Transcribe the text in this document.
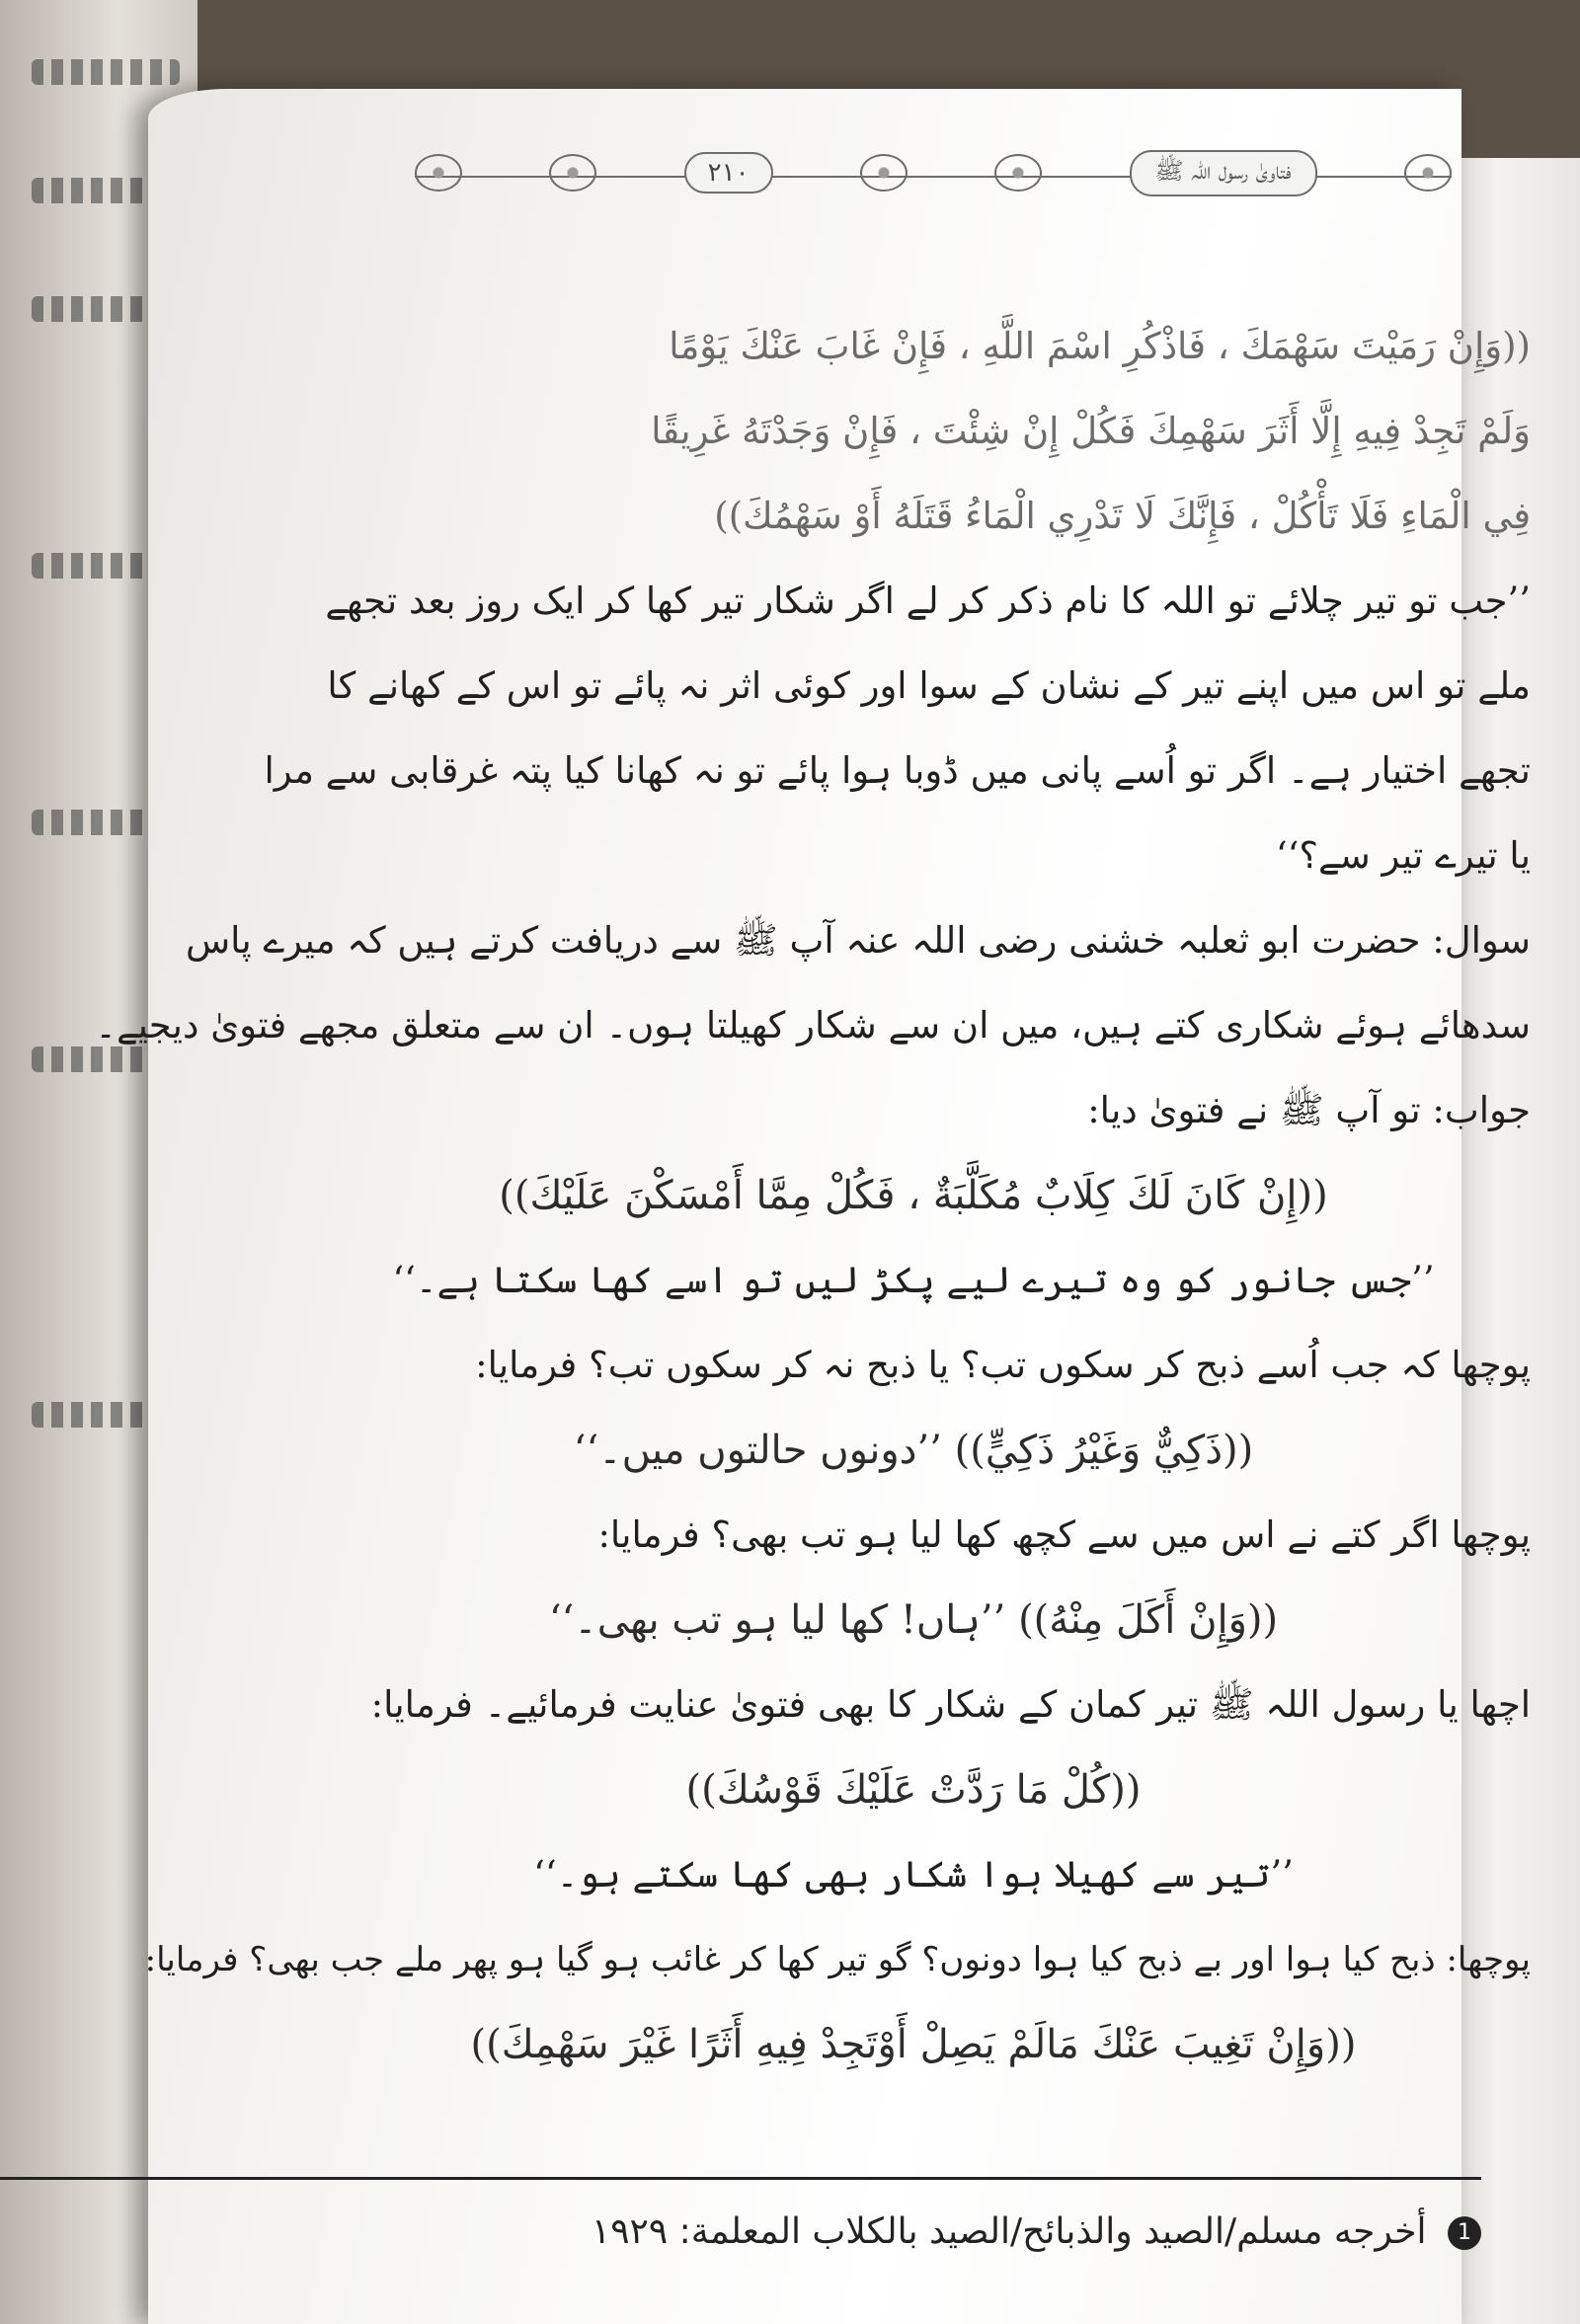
۲۱۰	فتاویٰ رسول اللہ ﷺ
((وَإِنْ رَمَيْتَ سَهْمَكَ ، فَاذْكُرِ اسْمَ اللَّهِ ، فَإِنْ غَابَ عَنْكَ يَوْمًا
وَلَمْ تَجِدْ فِيهِ إِلَّا أَثَرَ سَهْمِكَ فَكُلْ إِنْ شِئْتَ ، فَإِنْ وَجَدْتَهُ غَرِيقًا
فِي الْمَاءِ فَلَا تَأْكُلْ ، فَإِنَّكَ لَا تَدْرِي الْمَاءُ قَتَلَهُ أَوْ سَهْمُكَ))
’’جب تو تیر چلائے تو اللہ کا نام ذکر کر لے اگر شکار تیر کھا کر ایک روز بعد تجھے
ملے تو اس میں اپنے تیر کے نشان کے سوا اور کوئی اثر نہ پائے تو اس کے کھانے کا
تجھے اختیار ہے۔ اگر تو اُسے پانی میں ڈوبا ہوا پائے تو نہ کھانا کیا پتہ غرقابی سے مرا
یا تیرے تیر سے؟‘‘
سوال: حضرت ابو ثعلبہ خشنی رضی اللہ عنہ آپ ﷺ سے دریافت کرتے ہیں کہ میرے پاس
سدھائے ہوئے شکاری کتے ہیں، میں ان سے شکار کھیلتا ہوں۔ ان سے متعلق مجھے فتویٰ دیجیے۔
جواب: تو آپ ﷺ نے فتویٰ دیا:
((إِنْ كَانَ لَكَ كِلَابٌ مُكَلَّبَةٌ ، فَكُلْ مِمَّا أَمْسَكْنَ عَلَيْكَ))
’’جس جانور کو وہ تیرے لیے پکڑ لیں تو اسے کھا سکتا ہے۔‘‘
پوچھا کہ جب اُسے ذبح کر سکوں تب؟ یا ذبح نہ کر سکوں تب؟ فرمایا:
((ذَكِيٌّ وَغَيْرُ ذَكِيٍّ)) ’’دونوں حالتوں میں۔‘‘
پوچھا اگر کتے نے اس میں سے کچھ کھا لیا ہو تب بھی؟ فرمایا:
((وَإِنْ أَكَلَ مِنْهُ)) ’’ہاں! کھا لیا ہو تب بھی۔‘‘
اچھا یا رسول اللہ ﷺ تیر کمان کے شکار کا بھی فتویٰ عنایت فرمائیے۔ فرمایا:
((كُلْ مَا رَدَّتْ عَلَيْكَ قَوْسُكَ))
’’تیر سے کھیلا ہوا شکار بھی کھا سکتے ہو۔‘‘
پوچھا: ذبح کیا ہوا اور بے ذبح کیا ہوا دونوں؟ گو تیر کھا کر غائب ہو گیا ہو پھر ملے جب بھی؟ فرمایا:
((وَإِنْ تَغِيبَ عَنْكَ مَالَمْ يَصِلْ أَوْتَجِدْ فِيهِ أَثَرًا غَيْرَ سَهْمِكَ))
1 أخرجه مسلم/الصيد والذبائح/الصيد بالكلاب المعلمة: ١٩٢٩
